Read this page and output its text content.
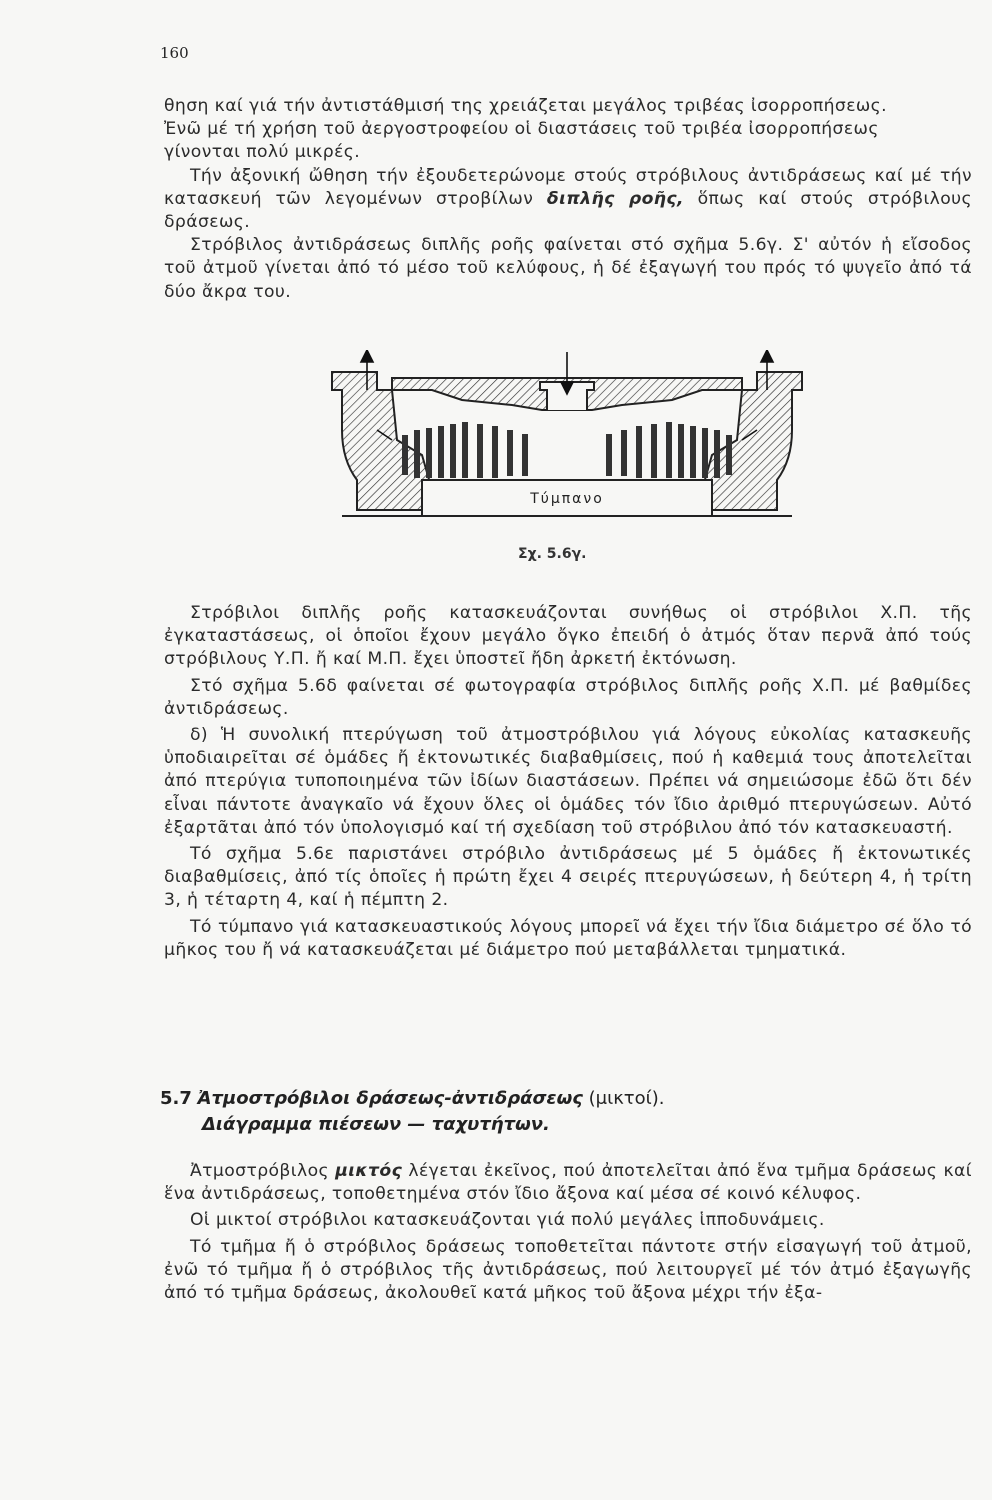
160

θηση καί γιά τήν ἀντιστάθμισή της χρειάζεται μεγάλος τριβέας ἰσορροπήσεως.

Ἐνῶ μέ τή χρήση τοῦ ἀεργοστροφείου οἱ διαστάσεις τοῦ τριβέα ἰσορροπήσεως

γίνονται πολύ μικρές.

Τήν ἀξονική ὤθηση τήν ἐξουδετερώνομε στούς στρόβιλους ἀντιδράσεως καί μέ τήν κατασκευή τῶν λεγομένων στροβίλων διπλῆς ροῆς, ὅπως καί στούς στρόβιλους δράσεως.

Στρόβιλος ἀντιδράσεως διπλῆς ροῆς φαίνεται στό σχῆμα 5.6γ. Σ' αὐτόν ἡ εἴσοδος τοῦ ἀτμοῦ γίνεται ἀπό τό μέσο τοῦ κελύφους, ἡ δέ ἐξαγωγή του πρός τό ψυγεῖο ἀπό τά δύο ἄκρα του.

Τύμπανο
Σχ. 5.6γ.

Στρόβιλοι διπλῆς ροῆς κατασκευάζονται συνήθως οἱ στρόβιλοι Χ.Π. τῆς ἐγκαταστάσεως, οἱ ὁποῖοι ἔχουν μεγάλο ὄγκο ἐπειδή ὁ ἀτμός ὅταν περνᾶ ἀπό τούς στρόβιλους Υ.Π. ἤ καί Μ.Π. ἔχει ὑποστεῖ ἤδη ἀρκετή ἐκτόνωση.

Στό σχῆμα 5.6δ φαίνεται σέ φωτογραφία στρόβιλος διπλῆς ροῆς Χ.Π. μέ βαθμίδες ἀντιδράσεως.

δ) Ἡ συνολική πτερύγωση τοῦ ἀτμοστρόβιλου γιά λόγους εὐκολίας κατασκευῆς ὑποδιαιρεῖται σέ ὁμάδες ἤ ἐκτονωτικές διαβαθμίσεις, πού ἡ καθεμιά τους ἀποτελεῖται ἀπό πτερύγια τυποποιημένα τῶν ἰδίων διαστάσεων. Πρέπει νά σημειώσομε ἐδῶ ὅτι δέν εἶναι πάντοτε ἀναγκαῖο νά ἔχουν ὅλες οἱ ὁμάδες τόν ἴδιο ἀριθμό πτερυγώσεων. Αὐτό ἐξαρτᾶται ἀπό τόν ὑπολογισμό καί τή σχεδίαση τοῦ στρόβιλου ἀπό τόν κατασκευαστή.

Τό σχῆμα 5.6ε παριστάνει στρόβιλο ἀντιδράσεως μέ 5 ὁμάδες ἤ ἐκτονωτικές διαβαθμίσεις, ἀπό τίς ὁποῖες ἡ πρώτη ἔχει 4 σειρές πτερυγώσεων, ἡ δεύτερη 4, ἡ τρίτη 3, ἡ τέταρτη 4, καί ἡ πέμπτη 2.

Τό τύμπανο γιά κατασκευαστικούς λόγους μπορεῖ νά ἔχει τήν ἴδια διάμετρο σέ ὅλο τό μῆκος του ἤ νά κατασκευάζεται μέ διάμετρο πού μεταβάλλεται τμηματικά.

5.7 Ἀτμοστρόβιλοι δράσεως-ἀντιδράσεως (μικτοί).
Διάγραμμα πιέσεων — ταχυτήτων.

Ἀτμοστρόβιλος μικτός λέγεται ἐκεῖνος, πού ἀποτελεῖται ἀπό ἕνα τμῆμα δράσεως καί ἕνα ἀντιδράσεως, τοποθετημένα στόν ἴδιο ἄξονα καί μέσα σέ κοινό κέλυφος.

Οἱ μικτοί στρόβιλοι κατασκευάζονται γιά πολύ μεγάλες ἱπποδυνάμεις.

Τό τμῆμα ἤ ὁ στρόβιλος δράσεως τοποθετεῖται πάντοτε στήν εἰσαγωγή τοῦ ἀτμοῦ, ἐνῶ τό τμῆμα ἤ ὁ στρόβιλος τῆς ἀντιδράσεως, πού λειτουργεῖ μέ τόν ἀτμό ἐξαγωγῆς ἀπό τό τμῆμα δράσεως, ἀκολουθεῖ κατά μῆκος τοῦ ἄξονα μέχρι τήν ἐξα-
